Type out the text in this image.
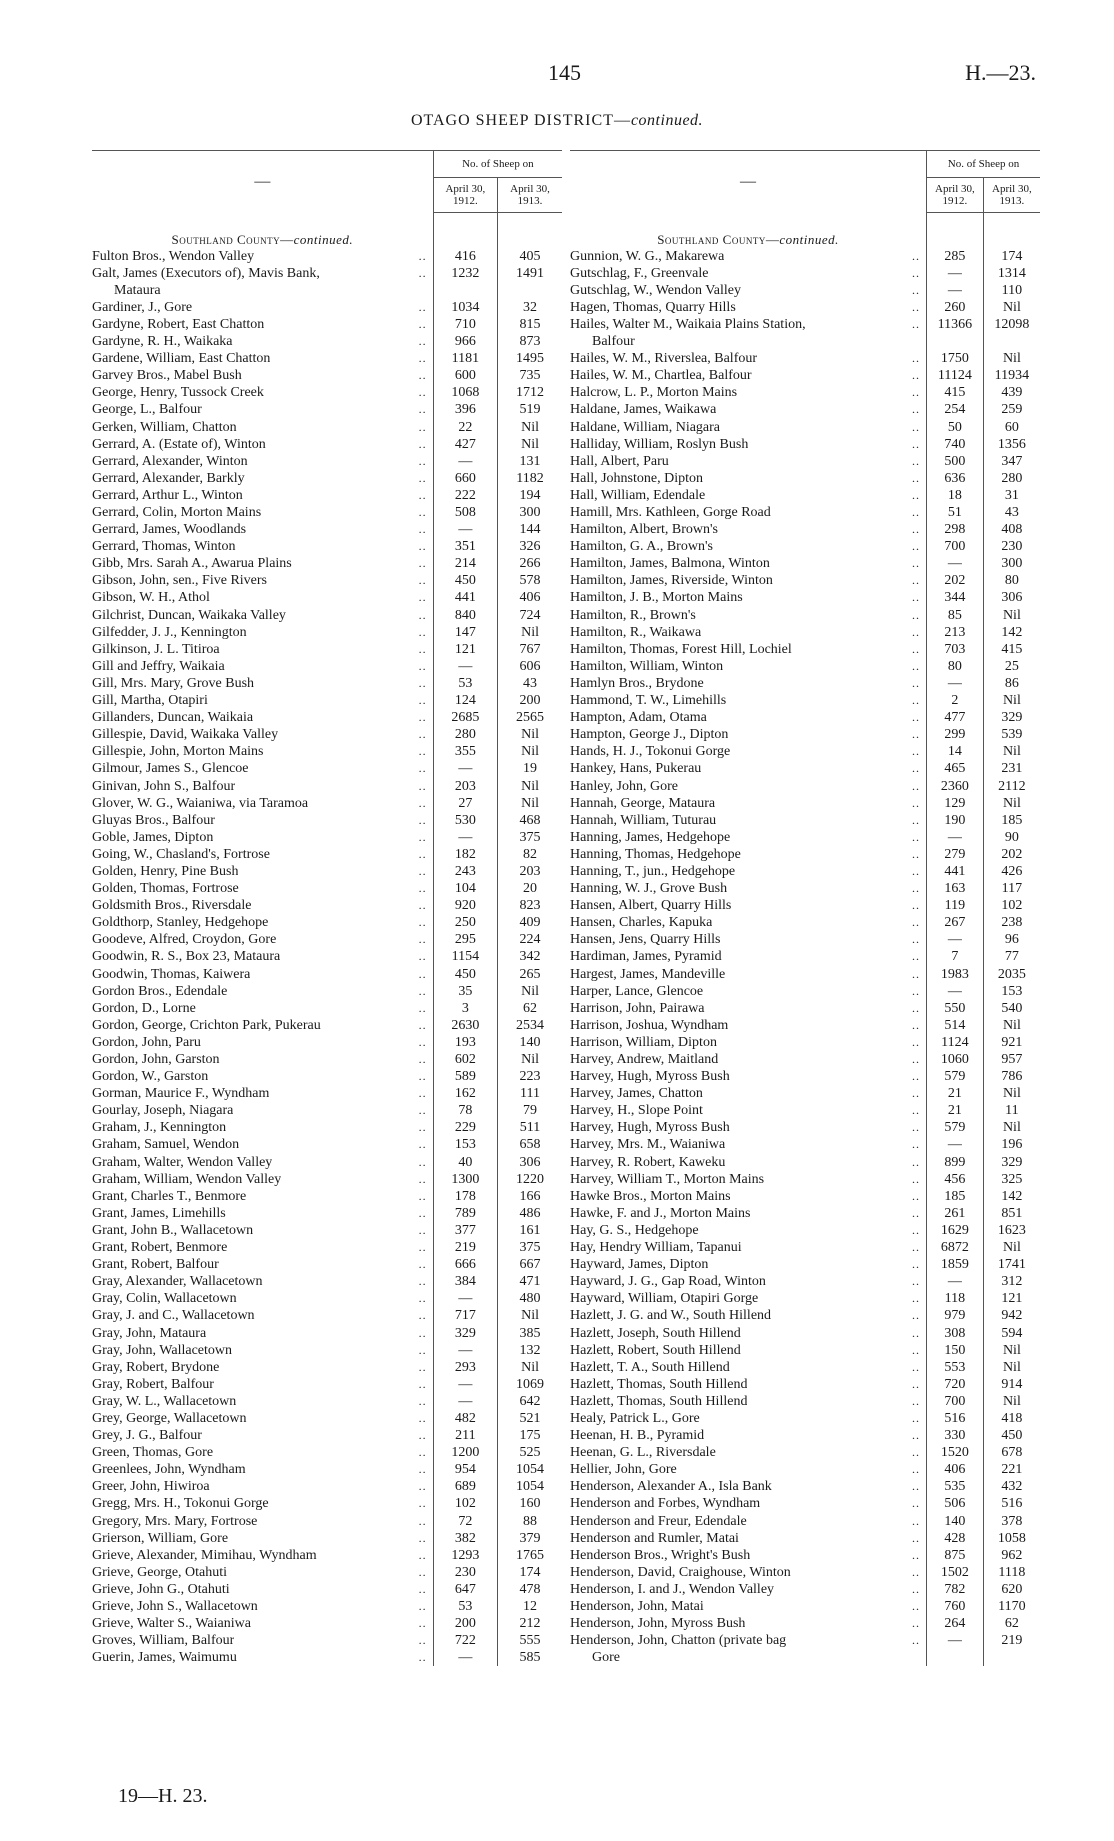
145	H.—23.
OTAGO SHEEP DISTRICT—continued.
—	No. of Sheep on	
	April 30, 1912.	April 30, 1913.

Southland County—continued.		

Fulton Bros., Wendon Valley ..	416	405

Galt, James (Executors of), Mavis Bank, ..	1232	1491

Mataura		

Gardiner, J., Gore ..	1034	32

Gardyne, Robert, East Chatton ..	710	815

Gardyne, R. H., Waikaka ..	966	873

Gardene, William, East Chatton ..	1181	1495

Garvey Bros., Mabel Bush ..	600	735

George, Henry, Tussock Creek ..	1068	1712

George, L., Balfour ..	396	519

Gerken, William, Chatton ..	22	Nil

Gerrard, A. (Estate of), Winton ..	427	Nil

Gerrard, Alexander, Winton ..	—	131

Gerrard, Alexander, Barkly ..	660	1182

Gerrard, Arthur L., Winton ..	222	194

Gerrard, Colin, Morton Mains ..	508	300

Gerrard, James, Woodlands ..	—	144

Gerrard, Thomas, Winton ..	351	326

Gibb, Mrs. Sarah A., Awarua Plains ..	214	266

Gibson, John, sen., Five Rivers ..	450	578

Gibson, W. H., Athol ..	441	406

Gilchrist, Duncan, Waikaka Valley ..	840	724

Gilfedder, J. J., Kennington ..	147	Nil

Gilkinson, J. L. Titiroa ..	121	767

Gill and Jeffry, Waikaia ..	—	606

Gill, Mrs. Mary, Grove Bush ..	53	43

Gill, Martha, Otapiri ..	124	200

Gillanders, Duncan, Waikaia ..	2685	2565

Gillespie, David, Waikaka Valley ..	280	Nil

Gillespie, John, Morton Mains ..	355	Nil

Gilmour, James S., Glencoe ..	—	19

Ginivan, John S., Balfour ..	203	Nil

Glover, W. G., Waianiwa, via Taramoa ..	27	Nil

Gluyas Bros., Balfour ..	530	468

Goble, James, Dipton ..	—	375

Going, W., Chasland's, Fortrose ..	182	82

Golden, Henry, Pine Bush ..	243	203

Golden, Thomas, Fortrose ..	104	20

Goldsmith Bros., Riversdale ..	920	823

Goldthorp, Stanley, Hedgehope ..	250	409

Goodeve, Alfred, Croydon, Gore ..	295	224

Goodwin, R. S., Box 23, Mataura ..	1154	342

Goodwin, Thomas, Kaiwera ..	450	265

Gordon Bros., Edendale ..	35	Nil

Gordon, D., Lorne ..	3	62

Gordon, George, Crichton Park, Pukerau ..	2630	2534

Gordon, John, Paru ..	193	140

Gordon, John, Garston ..	602	Nil

Gordon, W., Garston ..	589	223

Gorman, Maurice F., Wyndham ..	162	111

Gourlay, Joseph, Niagara ..	78	79

Graham, J., Kennington ..	229	511

Graham, Samuel, Wendon ..	153	658

Graham, Walter, Wendon Valley ..	40	306

Graham, William, Wendon Valley ..	1300	1220

Grant, Charles T., Benmore ..	178	166

Grant, James, Limehills ..	789	486

Grant, John B., Wallacetown ..	377	161

Grant, Robert, Benmore ..	219	375

Grant, Robert, Balfour ..	666	667

Gray, Alexander, Wallacetown ..	384	471

Gray, Colin, Wallacetown ..	—	480

Gray, J. and C., Wallacetown ..	717	Nil

Gray, John, Mataura ..	329	385

Gray, John, Wallacetown ..	—	132

Gray, Robert, Brydone ..	293	Nil

Gray, Robert, Balfour ..	—	1069

Gray, W. L., Wallacetown ..	—	642

Grey, George, Wallacetown ..	482	521

Grey, J. G., Balfour ..	211	175

Green, Thomas, Gore ..	1200	525

Greenlees, John, Wyndham ..	954	1054

Greer, John, Hiwiroa ..	689	1054

Gregg, Mrs. H., Tokonui Gorge ..	102	160

Gregory, Mrs. Mary, Fortrose ..	72	88

Grierson, William, Gore ..	382	379

Grieve, Alexander, Mimihau, Wyndham ..	1293	1765

Grieve, George, Otahuti ..	230	174

Grieve, John G., Otahuti ..	647	478

Grieve, John S., Wallacetown ..	53	12

Grieve, Walter S., Waianiwa ..	200	212

Groves, William, Balfour ..	722	555

Guerin, James, Waimumu ..	—	585
—	No. of Sheep on	
	April 30, 1912.	April 30, 1913.

Southland County—continued.		

Gunnion, W. G., Makarewa ..	285	174

Gutschlag, F., Greenvale ..	—	1314

Gutschlag, W., Wendon Valley ..	—	110

Hagen, Thomas, Quarry Hills ..	260	Nil

Hailes, Walter M., Waikaia Plains Station, ..	11366	12098

Balfour		

Hailes, W. M., Riverslea, Balfour ..	1750	Nil

Hailes, W. M., Chartlea, Balfour ..	11124	11934

Halcrow, L. P., Morton Mains ..	415	439

Haldane, James, Waikawa ..	254	259

Haldane, William, Niagara ..	50	60

Halliday, William, Roslyn Bush ..	740	1356

Hall, Albert, Paru ..	500	347

Hall, Johnstone, Dipton ..	636	280

Hall, William, Edendale ..	18	31

Hamill, Mrs. Kathleen, Gorge Road ..	51	43

Hamilton, Albert, Brown's ..	298	408

Hamilton, G. A., Brown's ..	700	230

Hamilton, James, Balmona, Winton ..	—	300

Hamilton, James, Riverside, Winton ..	202	80

Hamilton, J. B., Morton Mains ..	344	306

Hamilton, R., Brown's ..	85	Nil

Hamilton, R., Waikawa ..	213	142

Hamilton, Thomas, Forest Hill, Lochiel ..	703	415

Hamilton, William, Winton ..	80	25

Hamlyn Bros., Brydone ..	—	86

Hammond, T. W., Limehills ..	2	Nil

Hampton, Adam, Otama ..	477	329

Hampton, George J., Dipton ..	299	539

Hands, H. J., Tokonui Gorge ..	14	Nil

Hankey, Hans, Pukerau ..	465	231

Hanley, John, Gore ..	2360	2112

Hannah, George, Mataura ..	129	Nil

Hannah, William, Tuturau ..	190	185

Hanning, James, Hedgehope ..	—	90

Hanning, Thomas, Hedgehope ..	279	202

Hanning, T., jun., Hedgehope ..	441	426

Hanning, W. J., Grove Bush ..	163	117

Hansen, Albert, Quarry Hills ..	119	102

Hansen, Charles, Kapuka ..	267	238

Hansen, Jens, Quarry Hills ..	—	96

Hardiman, James, Pyramid ..	7	77

Hargest, James, Mandeville ..	1983	2035

Harper, Lance, Glencoe ..	—	153

Harrison, John, Pairawa ..	550	540

Harrison, Joshua, Wyndham ..	514	Nil

Harrison, William, Dipton ..	1124	921

Harvey, Andrew, Maitland ..	1060	957

Harvey, Hugh, Myross Bush ..	579	786

Harvey, James, Chatton ..	21	Nil

Harvey, H., Slope Point ..	21	11

Harvey, Hugh, Myross Bush ..	579	Nil

Harvey, Mrs. M., Waianiwa ..	—	196

Harvey, R. Robert, Kaweku ..	899	329

Harvey, William T., Morton Mains ..	456	325

Hawke Bros., Morton Mains ..	185	142

Hawke, F. and J., Morton Mains ..	261	851

Hay, G. S., Hedgehope ..	1629	1623

Hay, Hendry William, Tapanui ..	6872	Nil

Hayward, James, Dipton ..	1859	1741

Hayward, J. G., Gap Road, Winton ..	—	312

Hayward, William, Otapiri Gorge ..	118	121

Hazlett, J. G. and W., South Hillend ..	979	942

Hazlett, Joseph, South Hillend ..	308	594

Hazlett, Robert, South Hillend ..	150	Nil

Hazlett, T. A., South Hillend ..	553	Nil

Hazlett, Thomas, South Hillend ..	720	914

Hazlett, Thomas, South Hillend ..	700	Nil

Healy, Patrick L., Gore ..	516	418

Heenan, H. B., Pyramid ..	330	450

Heenan, G. L., Riversdale ..	1520	678

Hellier, John, Gore ..	406	221

Henderson, Alexander A., Isla Bank ..	535	432

Henderson and Forbes, Wyndham ..	506	516

Henderson and Freur, Edendale ..	140	378

Henderson and Rumler, Matai ..	428	1058

Henderson Bros., Wright's Bush ..	875	962

Henderson, David, Craighouse, Winton ..	1502	1118

Henderson, I. and J., Wendon Valley ..	782	620

Henderson, John, Matai ..	760	1170

Henderson, John, Myross Bush ..	264	62

Henderson, John, Chatton (private bag ..	—	219

Gore		

19—H. 23.
